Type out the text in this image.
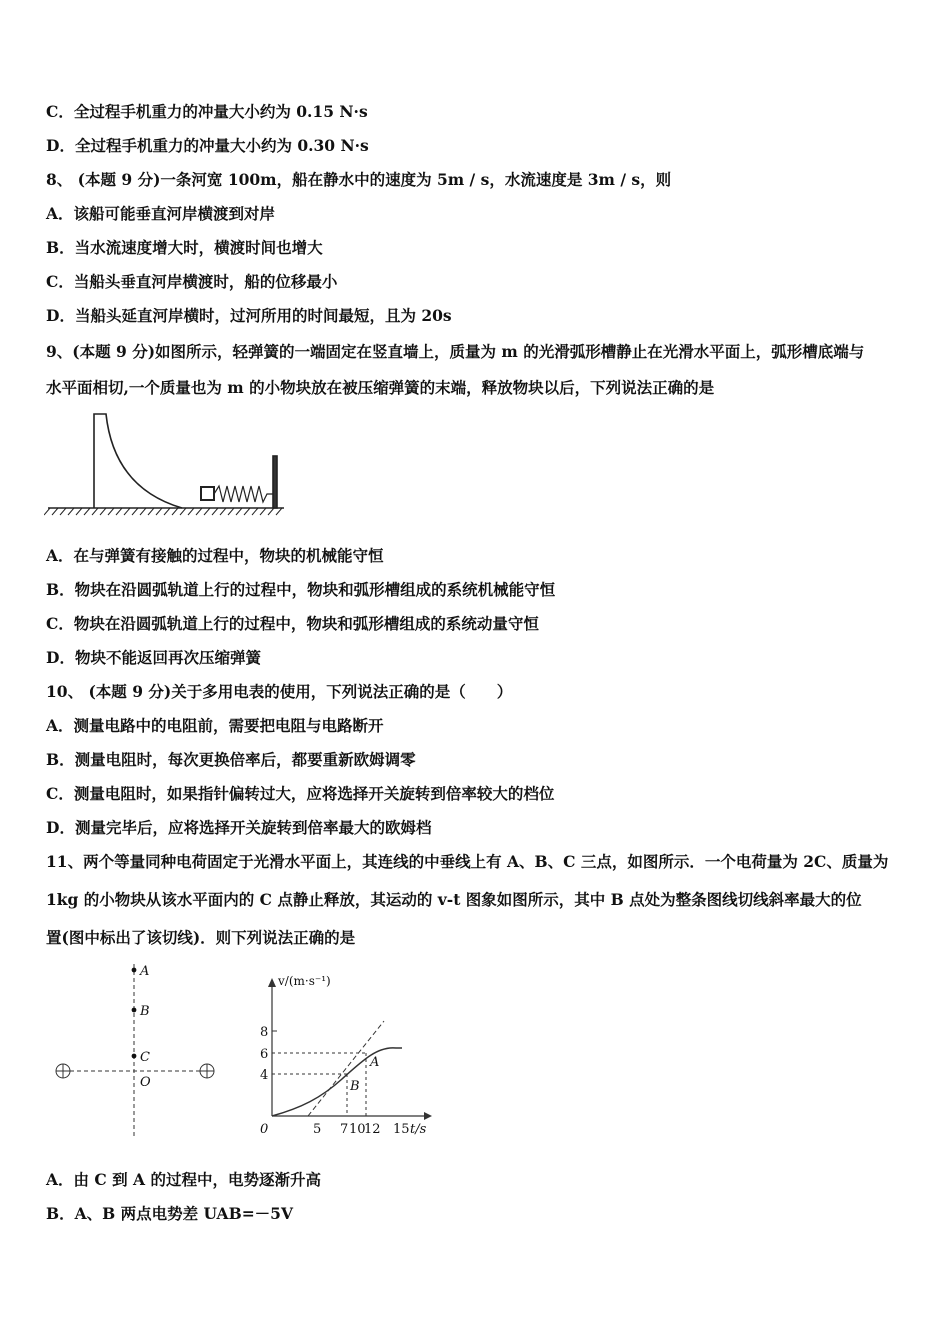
C．全过程手机重力的冲量大小约为 0.15 N·s
D．全过程手机重力的冲量大小约为 0.30 N·s
8、 (本题 9 分)一条河宽 100m，船在静水中的速度为 5m / s，水流速度是 3m / s，则
A．该船可能垂直河岸横渡到对岸
B．当水流速度增大时，横渡时间也增大
C．当船头垂直河岸横渡时，船的位移最小
D．当船头延直河岸横时，过河所用的时间最短，且为 20s
9、(本题 9 分)如图所示，轻弹簧的一端固定在竖直墙上，质量为 m 的光滑弧形槽静止在光滑水平面上，弧形槽底端与
水平面相切,一个质量也为 m 的小物块放在被压缩弹簧的末端，释放物块以后，下列说法正确的是
A．在与弹簧有接触的过程中，物块的机械能守恒
B．物块在沿圆弧轨道上行的过程中，物块和弧形槽组成的系统机械能守恒
C．物块在沿圆弧轨道上行的过程中，物块和弧形槽组成的系统动量守恒
D．物块不能返回再次压缩弹簧
10、 (本题 9 分)关于多用电表的使用，下列说法正确的是（　　）
A．测量电路中的电阻前，需要把电阻与电路断开
B．测量电阻时，每次更换倍率后，都要重新欧姆调零
C．测量电阻时，如果指针偏转过大，应将选择开关旋转到倍率较大的档位
D．测量完毕后，应将选择开关旋转到倍率最大的欧姆档
11、两个等量同种电荷固定于光滑水平面上，其连线的中垂线上有 A、B、C 三点，如图所示．一个电荷量为 2C、质量为
1kg 的小物块从该水平面内的 C 点静止释放，其运动的 v-t 图象如图所示，其中 B 点处为整条图线切线斜率最大的位
置(图中标出了该切线)．则下列说法正确的是
A
B
C
O
v/(m·s⁻¹)
8
6
4
0	5 7 10
12 15 t/s
A
B
A．由 C 到 A 的过程中，电势逐渐升高
B．A、B 两点电势差 UAB=－5V
